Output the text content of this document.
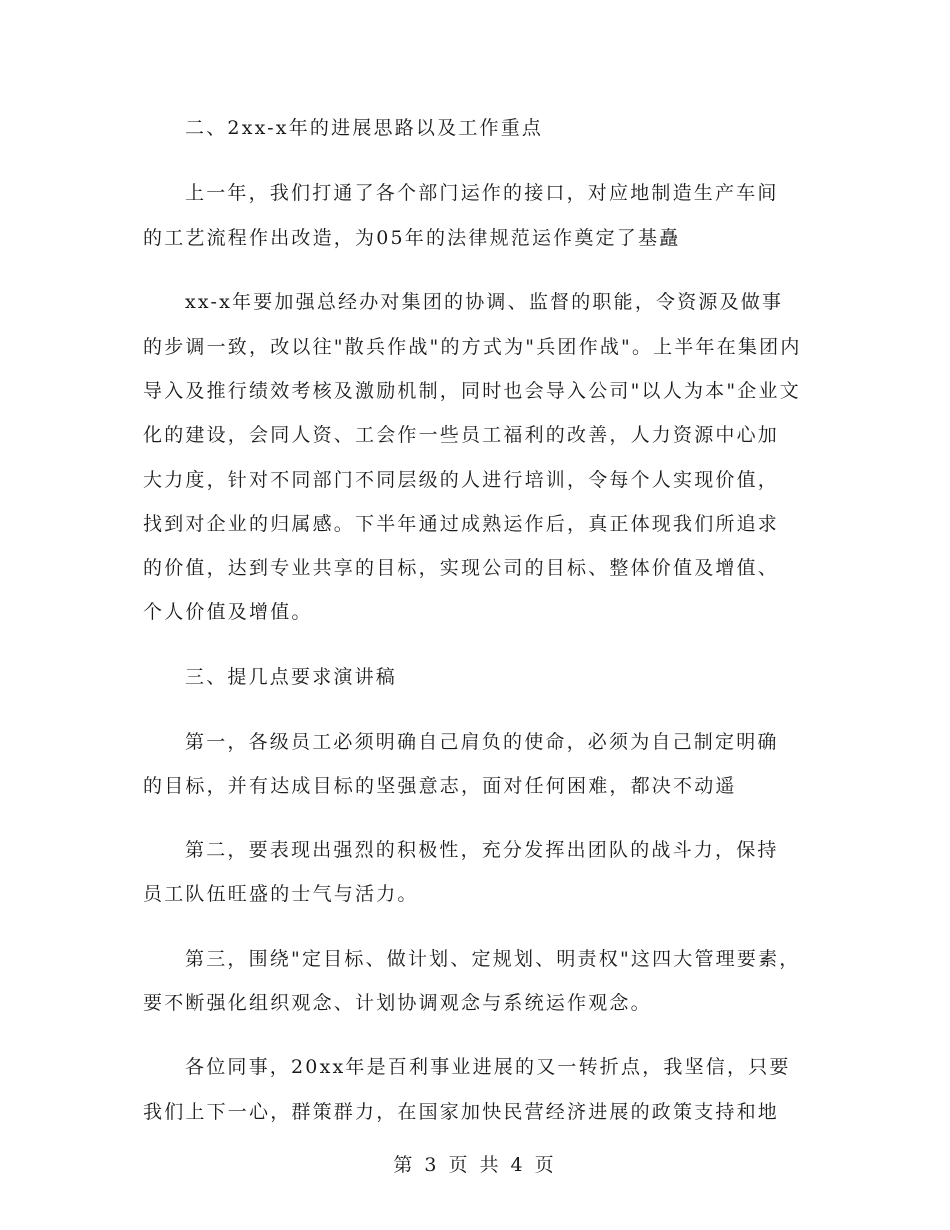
二、2xx-x年的进展思路以及工作重点
上一年，我们打通了各个部门运作的接口，对应地制造生产车间
的工艺流程作出改造，为05年的法律规范运作奠定了基矗
xx-x年要加强总经办对集团的协调、监督的职能，令资源及做事
的步调一致，改以往"散兵作战"的方式为"兵团作战"。上半年在集团内
导入及推行绩效考核及激励机制，同时也会导入公司"以人为本"企业文
化的建设，会同人资、工会作一些员工福利的改善，人力资源中心加
大力度，针对不同部门不同层级的人进行培训，令每个人实现价值，
找到对企业的归属感。下半年通过成熟运作后，真正体现我们所追求
的价值，达到专业共享的目标，实现公司的目标、整体价值及增值、
个人价值及增值。
三、提几点要求演讲稿
第一，各级员工必须明确自己肩负的使命，必须为自己制定明确
的目标，并有达成目标的坚强意志，面对任何困难，都决不动遥
第二，要表现出强烈的积极性，充分发挥出团队的战斗力，保持
员工队伍旺盛的士气与活力。
第三，围绕"定目标、做计划、定规划、明责权"这四大管理要素，
要不断强化组织观念、计划协调观念与系统运作观念。
各位同事，20xx年是百利事业进展的又一转折点，我坚信，只要
我们上下一心，群策群力，在国家加快民营经济进展的政策支持和地
第 3 页 共 4 页
